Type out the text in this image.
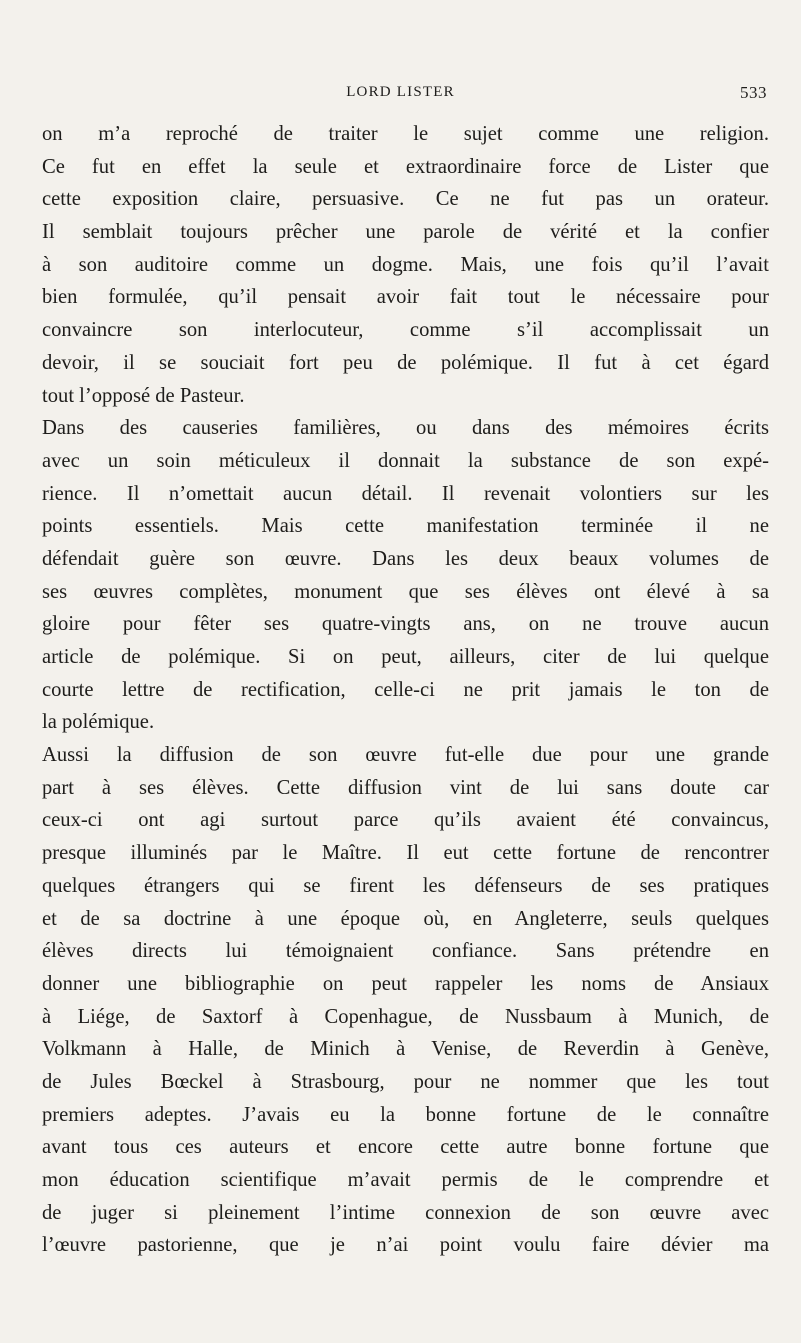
LORD LISTER	533
on m’a reproché de traiter le sujet comme une religion.
Ce fut en effet la seule et extraordinaire force de Lister que
cette exposition claire, persuasive. Ce ne fut pas un orateur.
Il semblait toujours prêcher une parole de vérité et la confier
à son auditoire comme un dogme. Mais, une fois qu’il l’avait
bien formulée, qu’il pensait avoir fait tout le nécessaire pour
convaincre son interlocuteur, comme s’il accomplissait un
devoir, il se souciait fort peu de polémique. Il fut à cet égard
tout l’opposé de Pasteur.
Dans des causeries familières, ou dans des mémoires écrits
avec un soin méticuleux il donnait la substance de son expé-
rience. Il n’omettait aucun détail. Il revenait volontiers sur les
points essentiels. Mais cette manifestation terminée il ne
défendait guère son œuvre. Dans les deux beaux volumes de
ses œuvres complètes, monument que ses élèves ont élevé à sa
gloire pour fêter ses quatre-vingts ans, on ne trouve aucun
article de polémique. Si on peut, ailleurs, citer de lui quelque
courte lettre de rectification, celle-ci ne prit jamais le ton de
la polémique.
Aussi la diffusion de son œuvre fut-elle due pour une grande
part à ses élèves. Cette diffusion vint de lui sans doute car
ceux-ci ont agi surtout parce qu’ils avaient été convaincus,
presque illuminés par le Maître. Il eut cette fortune de rencontrer
quelques étrangers qui se firent les défenseurs de ses pratiques
et de sa doctrine à une époque où, en Angleterre, seuls quelques
élèves directs lui témoignaient confiance. Sans prétendre en
donner une bibliographie on peut rappeler les noms de Ansiaux
à Liége, de Saxtorf à Copenhague, de Nussbaum à Munich, de
Volkmann à Halle, de Minich à Venise, de Reverdin à Genève,
de Jules Bœckel à Strasbourg, pour ne nommer que les tout
premiers adeptes. J’avais eu la bonne fortune de le connaître
avant tous ces auteurs et encore cette autre bonne fortune que
mon éducation scientifique m’avait permis de le comprendre et
de juger si pleinement l’intime connexion de son œuvre avec
l’œuvre pastorienne, que je n’ai point voulu faire dévier ma
